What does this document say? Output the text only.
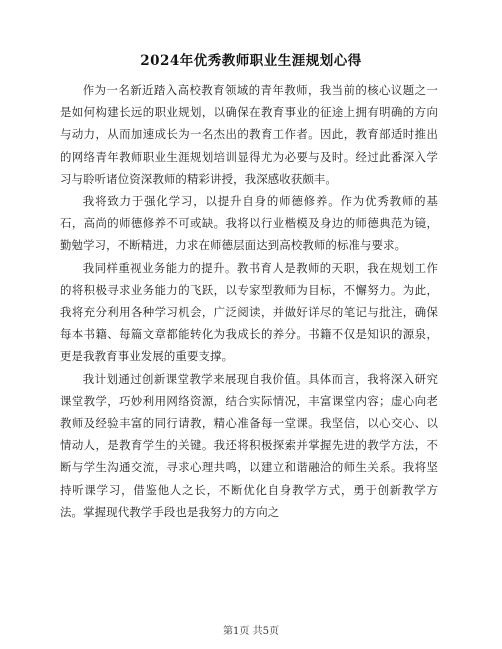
2024年优秀教师职业生涯规划心得

作为一名新近踏入高校教育领域的青年教师，我当前的核心议题之一是如何构建长远的职业规划，以确保在教育事业的征途上拥有明确的方向与动力，从而加速成长为一名杰出的教育工作者。因此，教育部适时推出的网络青年教师职业生涯规划培训显得尤为必要与及时。经过此番深入学习与聆听诸位资深教师的精彩讲授，我深感收获颇丰。

我将致力于强化学习，以提升自身的师德修养。作为优秀教师的基石，高尚的师德修养不可或缺。我将以行业楷模及身边的师德典范为镜，勤勉学习，不断精进，力求在师德层面达到高校教师的标准与要求。

我同样重视业务能力的提升。教书育人是教师的天职，我在规划工作的将积极寻求业务能力的飞跃，以专家型教师为目标，不懈努力。为此，我将充分利用各种学习机会，广泛阅读，并做好详尽的笔记与批注，确保每本书籍、每篇文章都能转化为我成长的养分。书籍不仅是知识的源泉，更是我教育事业发展的重要支撑。

我计划通过创新课堂教学来展现自我价值。具体而言，我将深入研究课堂教学，巧妙利用网络资源，结合实际情况，丰富课堂内容；虚心向老教师及经验丰富的同行请教，精心准备每一堂课。我坚信，以心交心、以情动人，是教育学生的关键。我还将积极探索并掌握先进的教学方法，不断与学生沟通交流，寻求心理共鸣，以建立和谐融洽的师生关系。我将坚持听课学习，借鉴他人之长，不断优化自身教学方式，勇于创新教学方法。掌握现代教学手段也是我努力的方向之

第1页 共5页
